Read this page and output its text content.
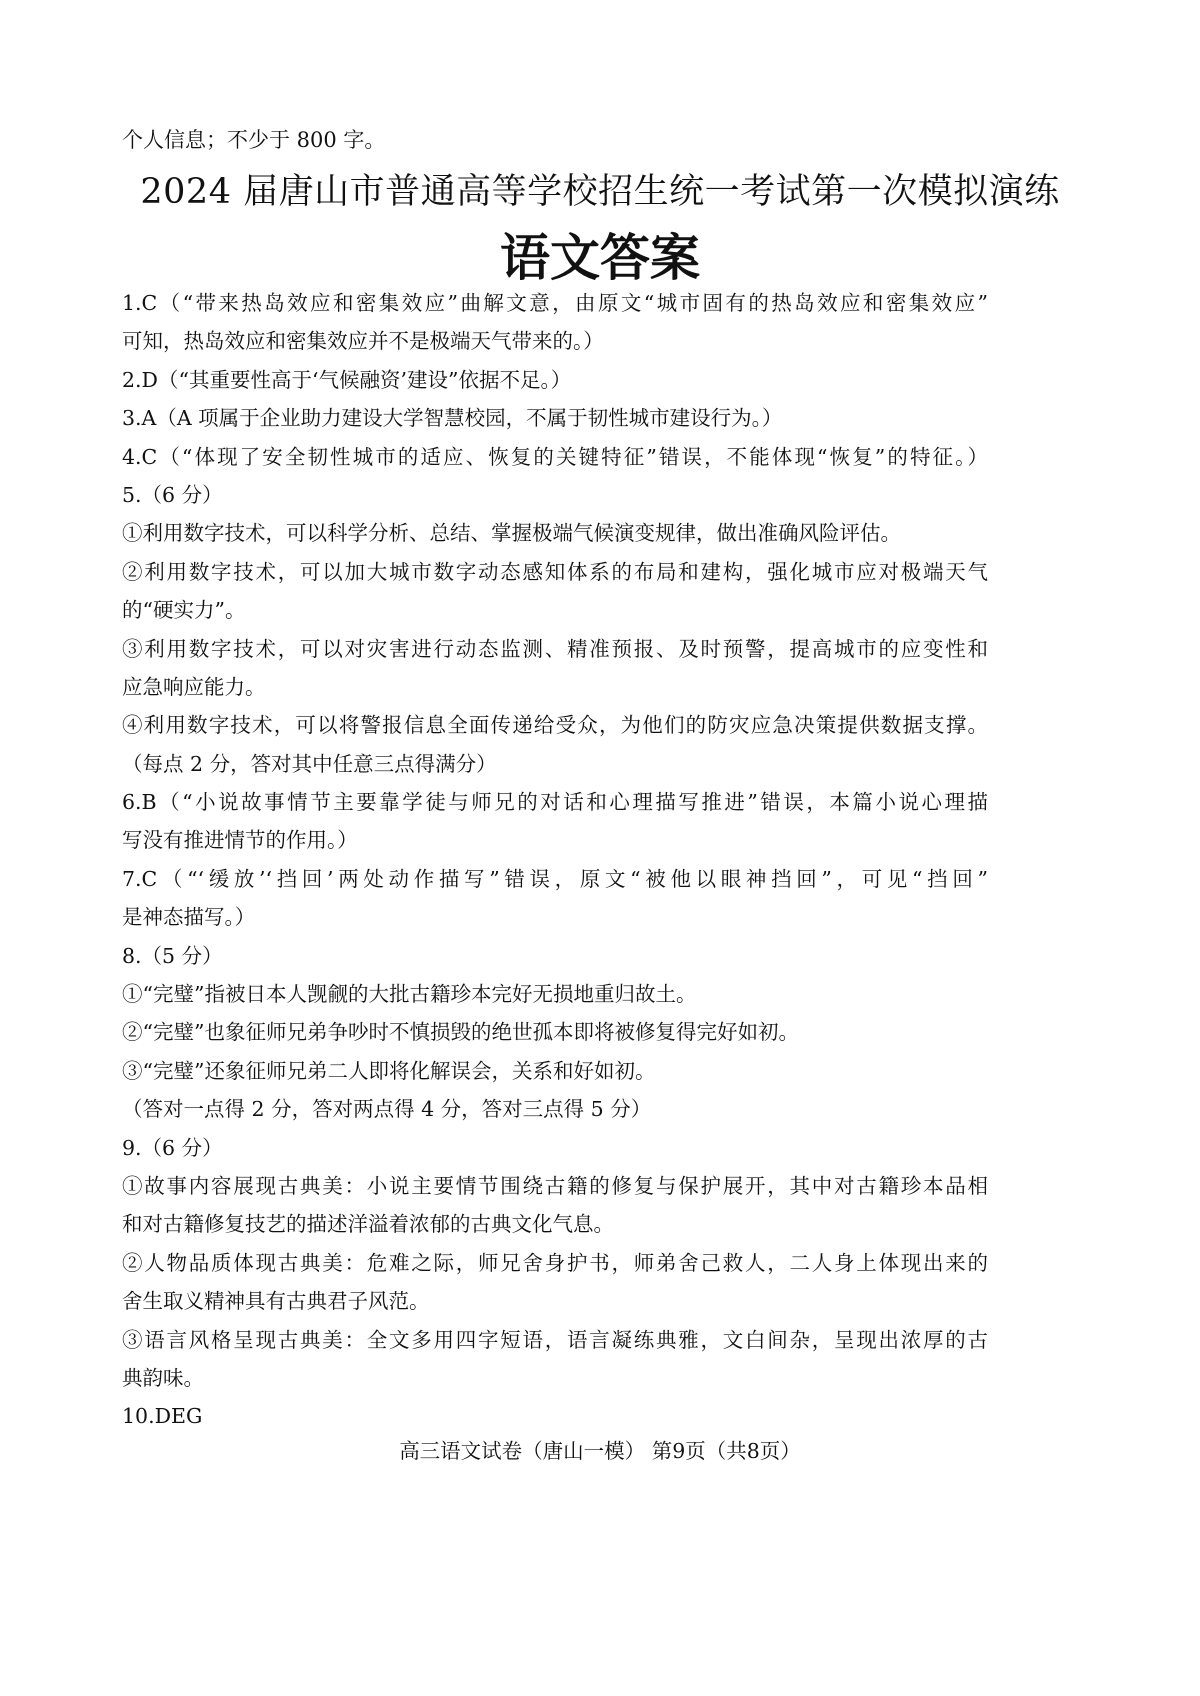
个人信息；不少于 800 字。
2024 届唐山市普通高等学校招生统一考试第一次模拟演练
语文答案
1.C（“带来热岛效应和密集效应”曲解文意，由原文“城市固有的热岛效应和密集效应”
可知，热岛效应和密集效应并不是极端天气带来的。）
2.D（“其重要性高于‘气候融资’建设”依据不足。）
3.A（A 项属于企业助力建设大学智慧校园，不属于韧性城市建设行为。）
4.C（“体现了安全韧性城市的适应、恢复的关键特征”错误，不能体现“恢复”的特征。）
5.（6 分）
①利用数字技术，可以科学分析、总结、掌握极端气候演变规律，做出准确风险评估。
②利用数字技术，可以加大城市数字动态感知体系的布局和建构，强化城市应对极端天气
的“硬实力”。
③利用数字技术，可以对灾害进行动态监测、精准预报、及时预警，提高城市的应变性和
应急响应能力。
④利用数字技术，可以将警报信息全面传递给受众，为他们的防灾应急决策提供数据支撑。
（每点 2 分，答对其中任意三点得满分）
6.B（“小说故事情节主要靠学徒与师兄的对话和心理描写推进”错误，本篇小说心理描
写没有推进情节的作用。）
7.C（“‘缓放’‘挡回’两处动作描写”错误，原文“被他以眼神挡回”，可见“挡回”
是神态描写。）
8.（5 分）
①“完璧”指被日本人觊觎的大批古籍珍本完好无损地重归故土。
②“完璧”也象征师兄弟争吵时不慎损毁的绝世孤本即将被修复得完好如初。
③“完璧”还象征师兄弟二人即将化解误会，关系和好如初。
（答对一点得 2 分，答对两点得 4 分，答对三点得 5 分）
9.（6 分）
①故事内容展现古典美：小说主要情节围绕古籍的修复与保护展开，其中对古籍珍本品相
和对古籍修复技艺的描述洋溢着浓郁的古典文化气息。
②人物品质体现古典美：危难之际，师兄舍身护书，师弟舍己救人，二人身上体现出来的
舍生取义精神具有古典君子风范。
③语言风格呈现古典美：全文多用四字短语，语言凝练典雅，文白间杂，呈现出浓厚的古
典韵味。
10.DEG
高三语文试卷（唐山一模） 第9页（共8页）
